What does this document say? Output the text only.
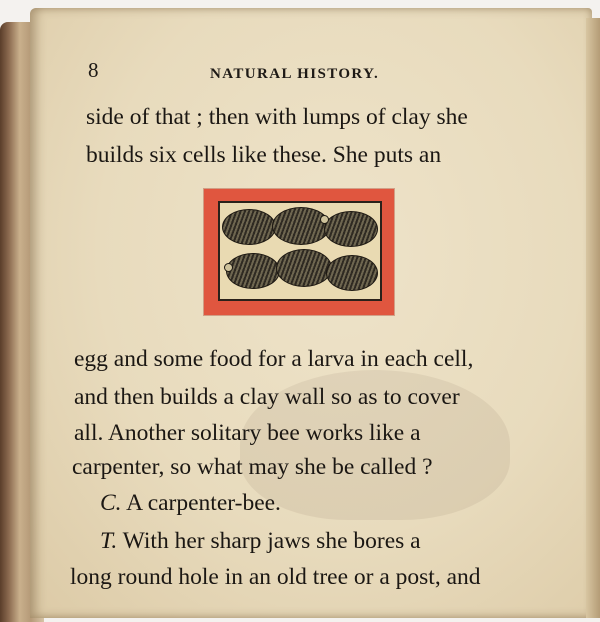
8	NATURAL HISTORY.
side of that ; then with lumps of clay she
builds six cells like these. She puts an
egg and some food for a larva in each cell,
and then builds a clay wall so as to cover
all. Another solitary bee works like a
carpenter, so what may she be called ?
C. A carpenter-bee.
T. With her sharp jaws she bores a
long round hole in an old tree or a post, and
